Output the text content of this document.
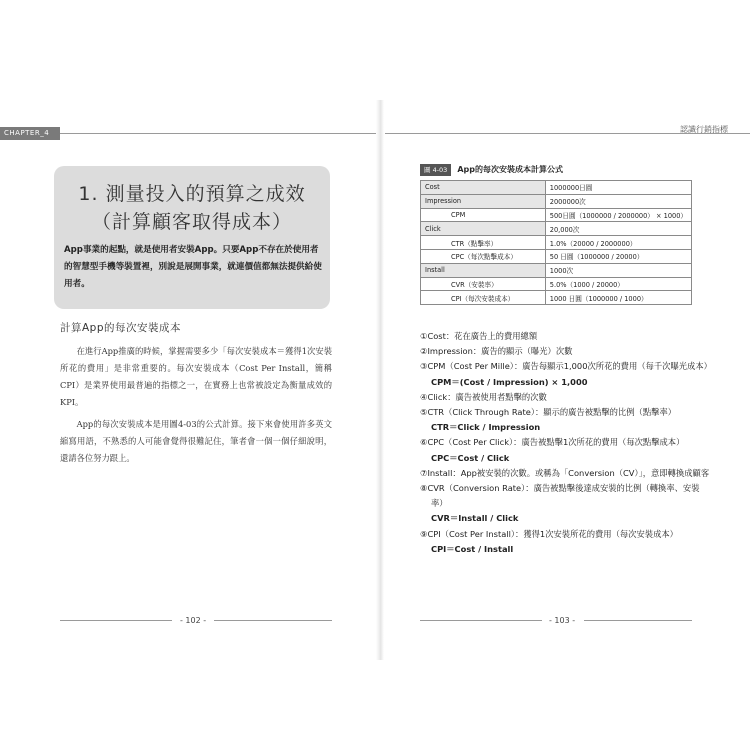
CHAPTER_4	認識行銷指標
1. 測量投入的預算之成效
（計算顧客取得成本）
App事業的起點，就是使用者安裝App。只要App不存在於使用者的智慧型手機等裝置裡，別說是展開事業，就連價值都無法提供給使用者。
計算App的每次安裝成本

在進行App推廣的時候，掌握需要多少「每次安裝成本＝獲得1次安裝所花的費用」是非常重要的。每次安裝成本（Cost Per Install，簡稱CPI）是業界使用最普遍的指標之一，在實務上也常被設定為衡量成效的KPI。

App的每次安裝成本是用圖4-03的公式計算。接下來會使用許多英文縮寫用語，不熟悉的人可能會覺得很難記住，筆者會一個一個仔細說明，還請各位努力跟上。

- 102 -
圖 4-03 App的每次安裝成本計算公式
Cost	1000000日圓
Impression	2000000次
CPM	500日圓（1000000 / 2000000） × 1000）
Click	20,000次
CTR（點擊率）	1.0%（20000 / 2000000）
CPC（每次點擊成本）	50 日圓（1000000 / 20000）
Install	1000次
CVR（安裝率）	5.0%（1000 / 20000）
CPI（每次安裝成本）	1000 日圓（1000000 / 1000）
①Cost：花在廣告上的費用總額
②Impression：廣告的顯示（曝光）次數
③CPM（Cost Per Mille）：廣告每顯示1,000次所花的費用（每千次曝光成本）
CPM＝(Cost / Impression) × 1,000
④Click：廣告被使用者點擊的次數
⑤CTR（Click Through Rate）：顯示的廣告被點擊的比例（點擊率）
CTR＝Click / Impression
⑥CPC（Cost Per Click）：廣告被點擊1次所花的費用（每次點擊成本）
CPC＝Cost / Click
⑦Install：App被安裝的次數。或稱為「Conversion（CV）」，意即轉換成顧客
⑧CVR（Conversion Rate）：廣告被點擊後達成安裝的比例（轉換率、安裝率）
CVR＝Install / Click
⑨CPI（Cost Per Install）：獲得1次安裝所花的費用（每次安裝成本）
CPI＝Cost / Install
- 103 -
